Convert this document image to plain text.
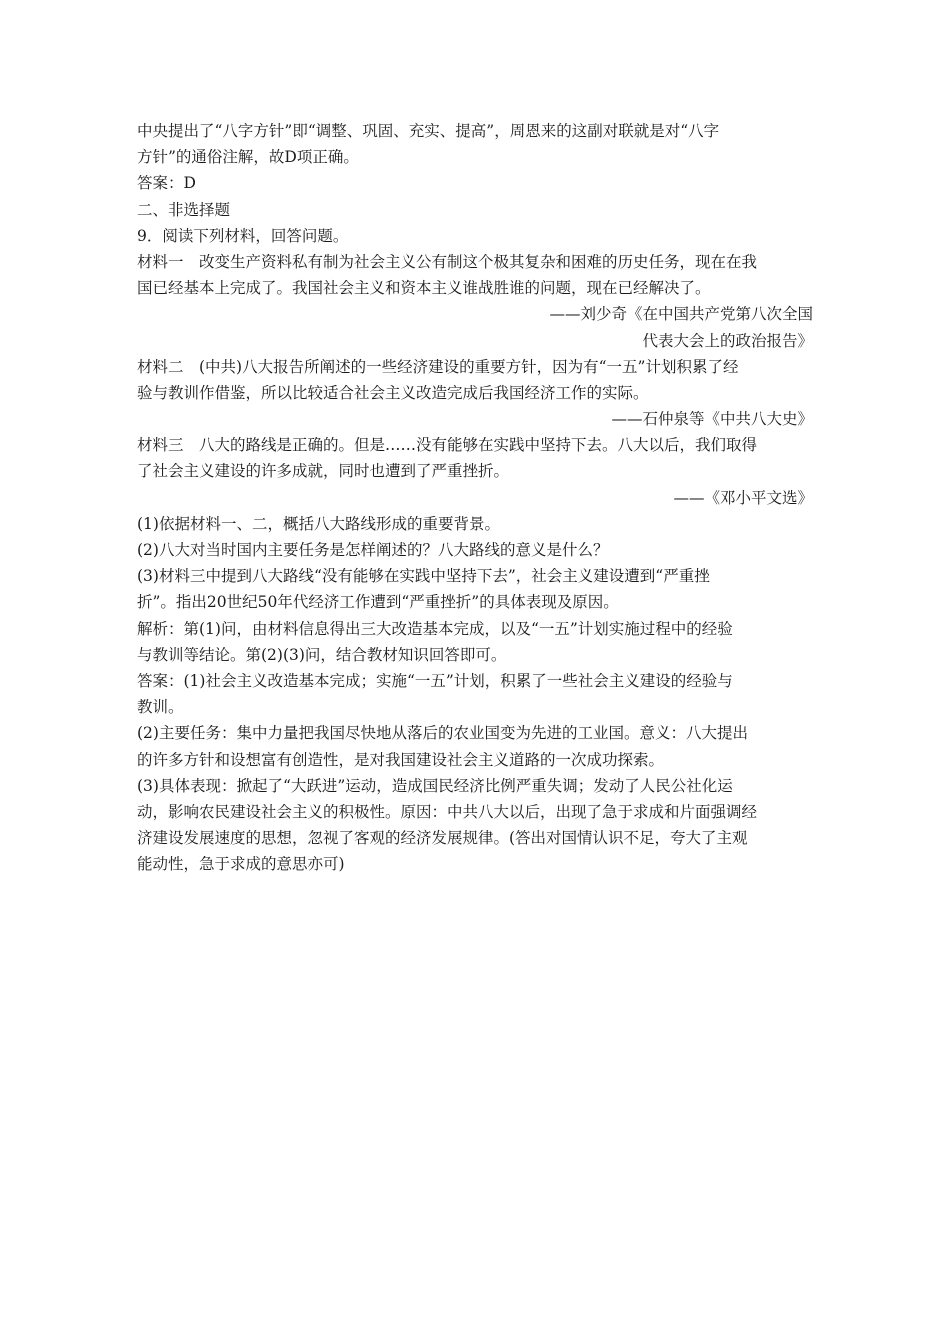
中央提出了“八字方针”即“调整、巩固、充实、提高”，周恩来的这副对联就是对“八字
方针”的通俗注解，故D项正确。
答案：D
二、非选择题
9．阅读下列材料，回答问题。
材料一　改变生产资料私有制为社会主义公有制这个极其复杂和困难的历史任务，现在在我
国已经基本上完成了。我国社会主义和资本主义谁战胜谁的问题，现在已经解决了。
——刘少奇《在中国共产党第八次全国
代表大会上的政治报告》
材料二　(中共)八大报告所阐述的一些经济建设的重要方针，因为有“一五”计划积累了经
验与教训作借鉴，所以比较适合社会主义改造完成后我国经济工作的实际。
——石仲泉等《中共八大史》
材料三　八大的路线是正确的。但是……没有能够在实践中坚持下去。八大以后，我们取得
了社会主义建设的许多成就，同时也遭到了严重挫折。
——《邓小平文选》
(1)依据材料一、二，概括八大路线形成的重要背景。
(2)八大对当时国内主要任务是怎样阐述的？八大路线的意义是什么？
(3)材料三中提到八大路线“没有能够在实践中坚持下去”，社会主义建设遭到“严重挫
折”。指出20世纪50年代经济工作遭到“严重挫折”的具体表现及原因。
解析：第(1)问，由材料信息得出三大改造基本完成，以及“一五”计划实施过程中的经验
与教训等结论。第(2)(3)问，结合教材知识回答即可。
答案：(1)社会主义改造基本完成；实施“一五”计划，积累了一些社会主义建设的经验与
教训。
(2)主要任务：集中力量把我国尽快地从落后的农业国变为先进的工业国。意义：八大提出
的许多方针和设想富有创造性，是对我国建设社会主义道路的一次成功探索。
(3)具体表现：掀起了“大跃进”运动，造成国民经济比例严重失调；发动了人民公社化运
动，影响农民建设社会主义的积极性。原因：中共八大以后，出现了急于求成和片面强调经
济建设发展速度的思想，忽视了客观的经济发展规律。(答出对国情认识不足，夸大了主观
能动性，急于求成的意思亦可)
